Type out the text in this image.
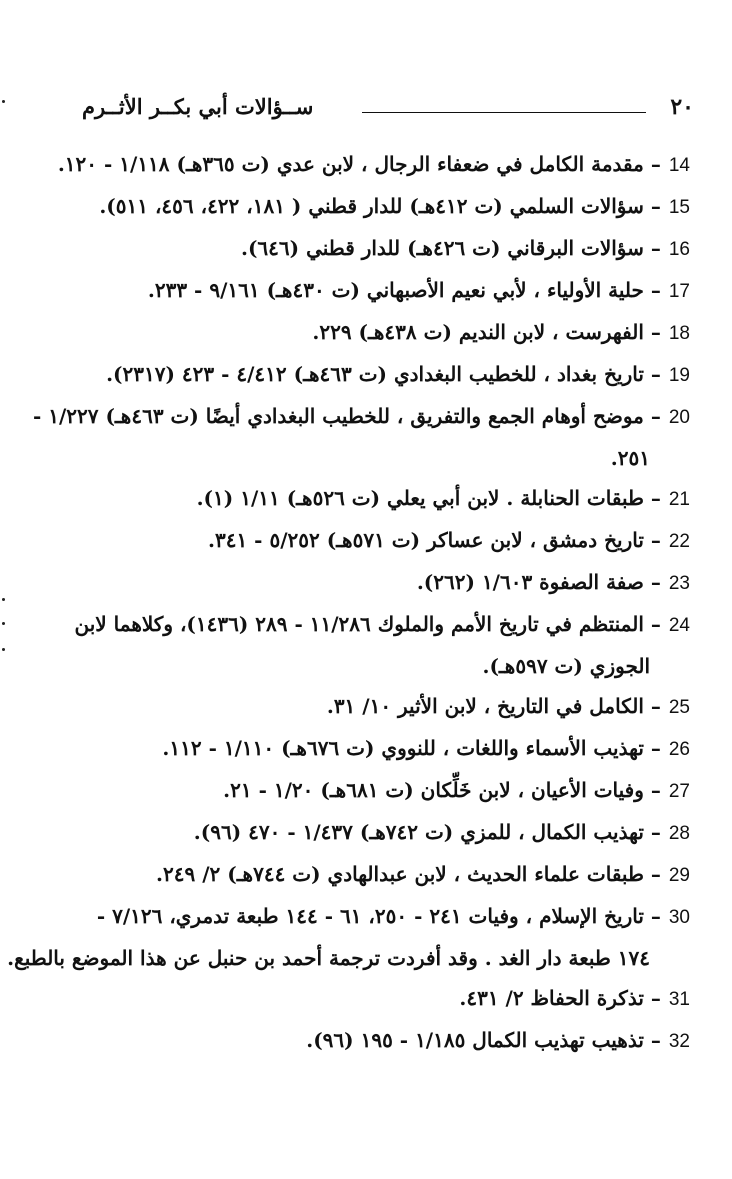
٢٠
ســؤالات أبي بكــر الأثــرم
14– مقدمة الكامل في ضعفاء الرجال ، لابن عدي (ت ٣٦٥هـ) ١/١١٨ - ١٢٠.
15– سؤالات السلمي (ت ٤١٢هـ) للدار قطني ( ١٨١، ٤٢٢، ٤٥٦، ٥١١).
16– سؤالات البرقاني (ت ٤٢٦هـ) للدار قطني (٦٤٦).
17– حلية الأولياء ، لأبي نعيم الأصبهاني (ت ٤٣٠هـ) ٩/١٦١ - ٢٣٣.
18– الفهرست ، لابن النديم (ت ٤٣٨هـ) ٢٢٩.
19– تاريخ بغداد ، للخطيب البغدادي (ت ٤٦٣هـ) ٤/٤١٢ - ٤٢٣ (٢٣١٧).
20– موضح أوهام الجمع والتفريق ، للخطيب البغدادي أيضًا (ت ٤٦٣هـ) ١/٢٢٧ -
٢٥١.
21– طبقات الحنابلة . لابن أبي يعلي (ت ٥٢٦هـ) ١/١١ (١).
22– تاريخ دمشق ، لابن عساكر (ت ٥٧١هـ) ٥/٢٥٢ - ٣٤١.
23– صفة الصفوة ١/٦٠٣ (٢٦٢).
24– المنتظم في تاريخ الأمم والملوك ١١/٢٨٦ - ٢٨٩ (١٤٣٦)، وكلاهما لابن
الجوزي (ت ٥٩٧هـ).
25– الكامل في التاريخ ، لابن الأثير ١٠/ ٣١.
26– تهذيب الأسماء واللغات ، للنووي (ت ٦٧٦هـ) ١/١١٠ - ١١٢.
27– وفيات الأعيان ، لابن خَلِّكان (ت ٦٨١هـ) ١/٢٠ - ٢١.
28– تهذيب الكمال ، للمزي (ت ٧٤٢هـ) ١/٤٣٧ - ٤٧٠ (٩٦).
29– طبقات علماء الحديث ، لابن عبدالهادي (ت ٧٤٤هـ) ٢/ ٢٤٩.
30– تاريخ الإسلام ، وفيات ٢٤١ - ٢٥٠، ٦١ - ١٤٤ طبعة تدمري، ٧/١٢٦ -
١٧٤ طبعة دار الغد . وقد أفردت ترجمة أحمد بن حنبل عن هذا الموضع بالطبع.
31– تذكرة الحفاظ ٢/ ٤٣١.
32– تذهيب تهذيب الكمال ١/١٨٥ - ١٩٥ (٩٦).
